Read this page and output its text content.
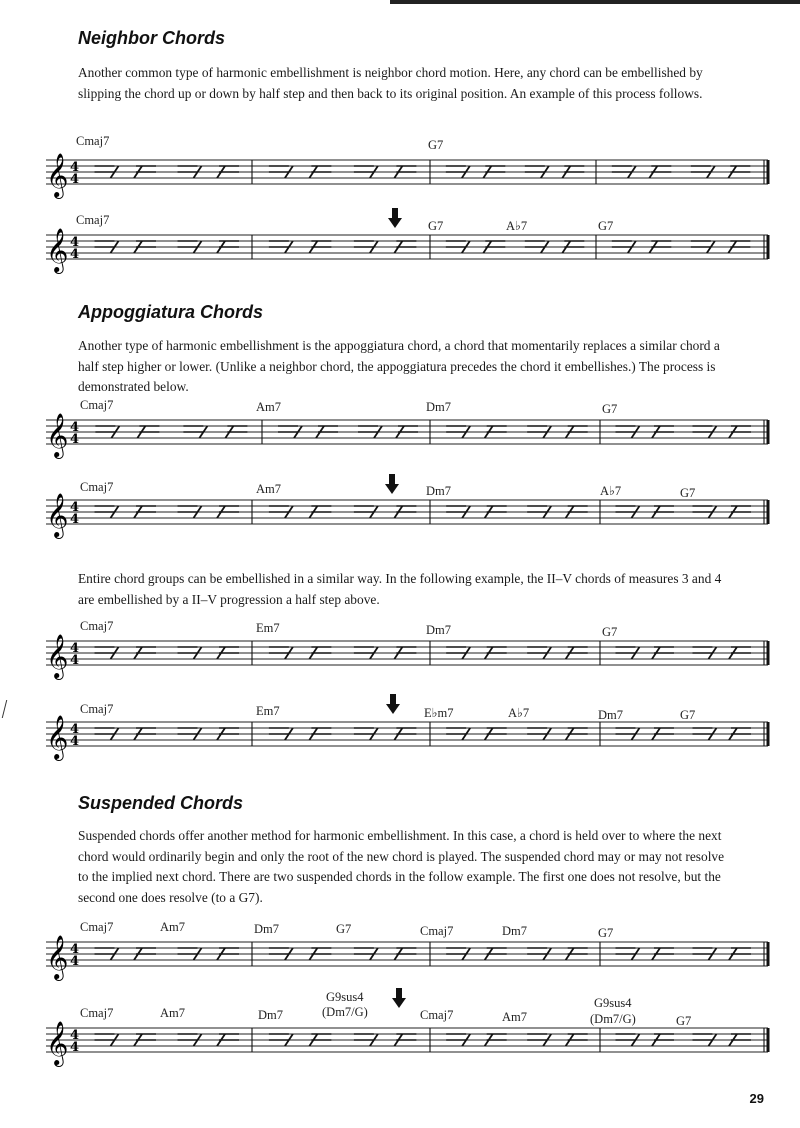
Neighbor Chords

Another common type of harmonic embellishment is neighbor chord motion. Here, any chord can be embellished by slipping the chord up or down by half step and then back to its original position. An example of this process follows.

𝄞 4
4
Cmaj7	G7
𝄞 4
4
Cmaj7	G7	A♭7	G7
Appoggiatura Chords

Another type of harmonic embellishment is the appoggiatura chord, a chord that momentarily replaces a similar chord a half step higher or lower. (Unlike a neighbor chord, the appoggiatura precedes the chord it embellishes.) The process is demonstrated below.

𝄞 4
4
Cmaj7	Am7	Dm7	G7
𝄞 4
4
Cmaj7	Am7	Dm7	A♭7	G7

Entire chord groups can be embellished in a similar way. In the following example, the II–V chords of measures 3 and 4 are embellished by a II–V progression a half step above.

𝄞 4
4
Cmaj7	Em7	Dm7	G7
𝄞 4
4
Cmaj7	Em7	E♭m7	A♭7	Dm7	G7
Suspended Chords

Suspended chords offer another method for harmonic embellishment. In this case, a chord is held over to where the next chord would ordinarily begin and only the root of the new chord is played. The suspended chord may or may not resolve to the implied next chord. There are two suspended chords in the follow example. The first one does not resolve, but the second one does resolve (to a G7).

𝄞 4
4
Cmaj7	Am7	Dm7	G7	Cmaj7	Dm7	G7
𝄞 4
4
Cmaj7	Am7	Dm7
G9sus4
(Dm7/G)	Cmaj7	Am7
G9sus4
(Dm7/G)	G7
29
